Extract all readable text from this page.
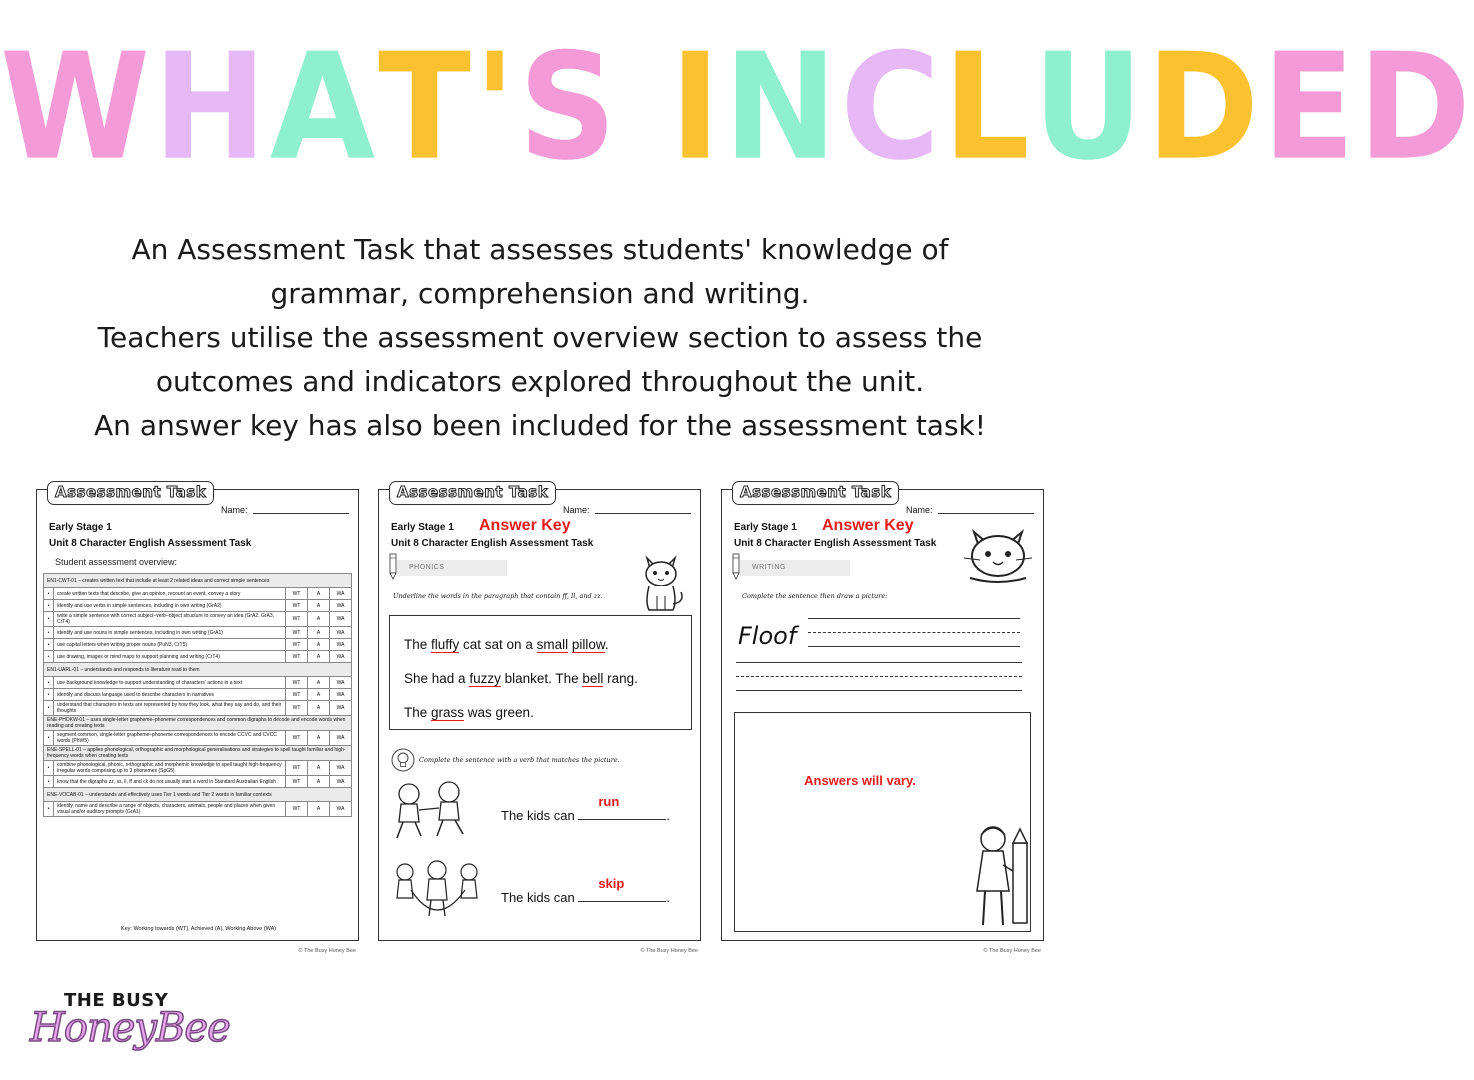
WHAT'S INCLUDED
An Assessment Task that assesses students' knowledge of
grammar, comprehension and writing.
Teachers utilise the assessment overview section to assess the
outcomes and indicators explored throughout the unit.
An answer key has also been included for the assessment task!
Assessment Task
Name:
Early Stage 1
Unit 8 Character English Assessment Task
Student assessment overview:
EN1-CWT-01 – creates written text that include at least 2 related ideas and correct simple sentences				
•	create written texts that describe, give an opinion, recount an event, convey a story	WT	A	WA
•	identify and use verbs in simple sentences, including in own writing (GrA2)	WT	A	WA
•	write a simple sentence with correct subject–verb–object structure to convey an idea (GrA2, GrA3, CrT4)	WT	A	WA
•	identify and use nouns in simple sentences, including in own writing (GrA1)	WT	A	WA
•	use capital letters when writing proper nouns (PuN3, CrT5)	WT	A	WA
•	use drawing, images or mind maps to support planning and writing (CrT4)	WT	A	WA
EN1-UARL-01 – understands and responds to literature read to them				
•	use background knowledge to support understanding of characters' actions in a text	WT	A	WA
•	identify and discuss language used to describe characters in narratives	WT	A	WA
•	understand that characters in texts are represented by how they look, what they say and do, and their thoughts	WT	A	WA
ENE-PHOKW-01 – uses single-letter grapheme–phoneme correspondences and common digraphs to decode and encode words when reading and creating texts				
•	segment common, single-letter grapheme–phoneme correspondences to encode CCVC and CVCC words (PhW5)	WT	A	WA
ENE-SPELL-01 – applies phonological, orthographic and morphological generalisations and strategies to spell taught familiar and high-frequency words when creating texts				
•	combine phonological, phonic, orthographic and morphemic knowledge to spell taught high-frequency irregular words comprising up to 3 phonemes (SpG5)	WT	A	WA
•	know that the digraphs zz, ss, ll, ff and ck do not usually start a word in Standard Australian English	WT	A	WA
ENE-VOCAB-01 – understands and effectively uses Tier 1 words and Tier 2 words in familiar contexts				
•	identify, name and describe a range of objects, characters, animals, people and places when given visual and/or auditory prompts (GrA1)	WT	A	WA
Key: Working towards (WT), Achieved (A), Working Above (WA)
© The Busy Honey Bee
Assessment Task
Name:
Early Stage 1 Answer Key
Unit 8 Character English Assessment Task
PHONICS
Underline the words in the paragraph that contain ff, ll, and zz.
The fluffy cat sat on a small pillow.
She had a fuzzy blanket. The bell rang.
The grass was green.
Complete the sentence with a verb that matches the picture.
The kids can
run
.
The kids can
skip
.
© The Busy Honey Bee
Assessment Task
Name:
Early Stage 1 Answer Key
Unit 8 Character English Assessment Task
WRITING
Complete the sentence then draw a picture:
Floof
Answers will vary.
© The Busy Honey Bee
THE BUSY
HoneyBee
